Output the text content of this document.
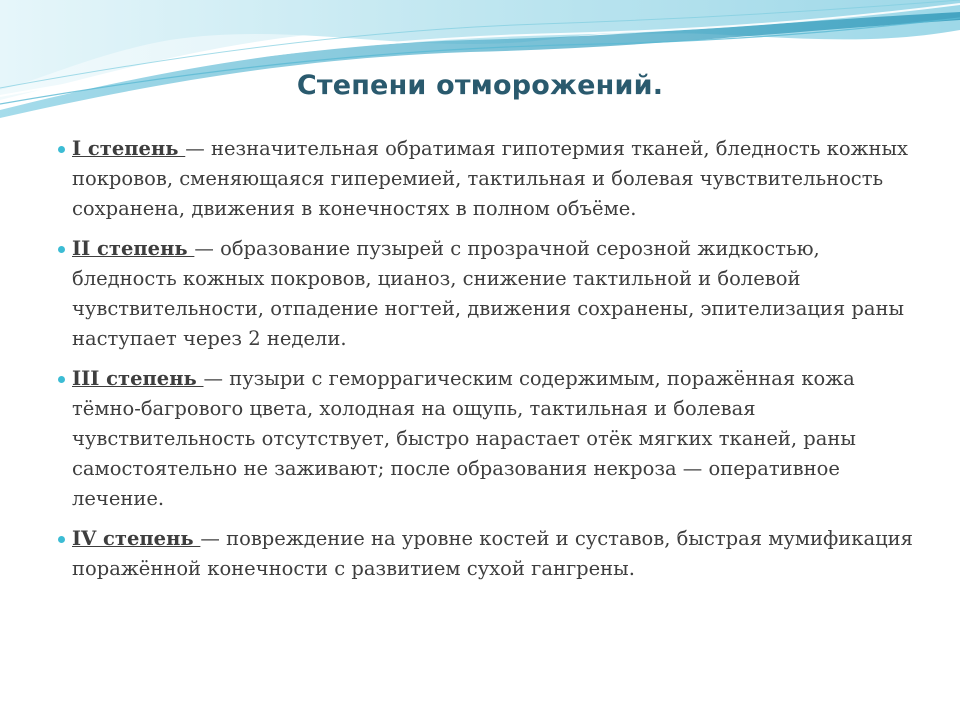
Степени отморожений.
I степень — незначительная обратимая гипотермия тканей, бледность кожных покровов, сменяющаяся гиперемией, тактильная и болевая чувствительность сохранена, движения в конечностях в полном объёме.
II степень — образование пузырей с прозрачной серозной жидкостью, бледность кожных покровов, цианоз, снижение тактильной и болевой чувствительности, отпадение ногтей, движения сохранены, эпителизация раны наступает через 2 недели.
III степень — пузыри с геморрагическим содержимым, поражённая кожа тёмно-багрового цвета, холодная на ощупь, тактильная и болевая чувствительность отсутствует, быстро нарастает отёк мягких тканей, раны самостоятельно не заживают; после образования некроза — оперативное лечение.
IV степень — повреждение на уровне костей и суставов, быстрая мумификация поражённой конечности с развитием сухой гангрены.
